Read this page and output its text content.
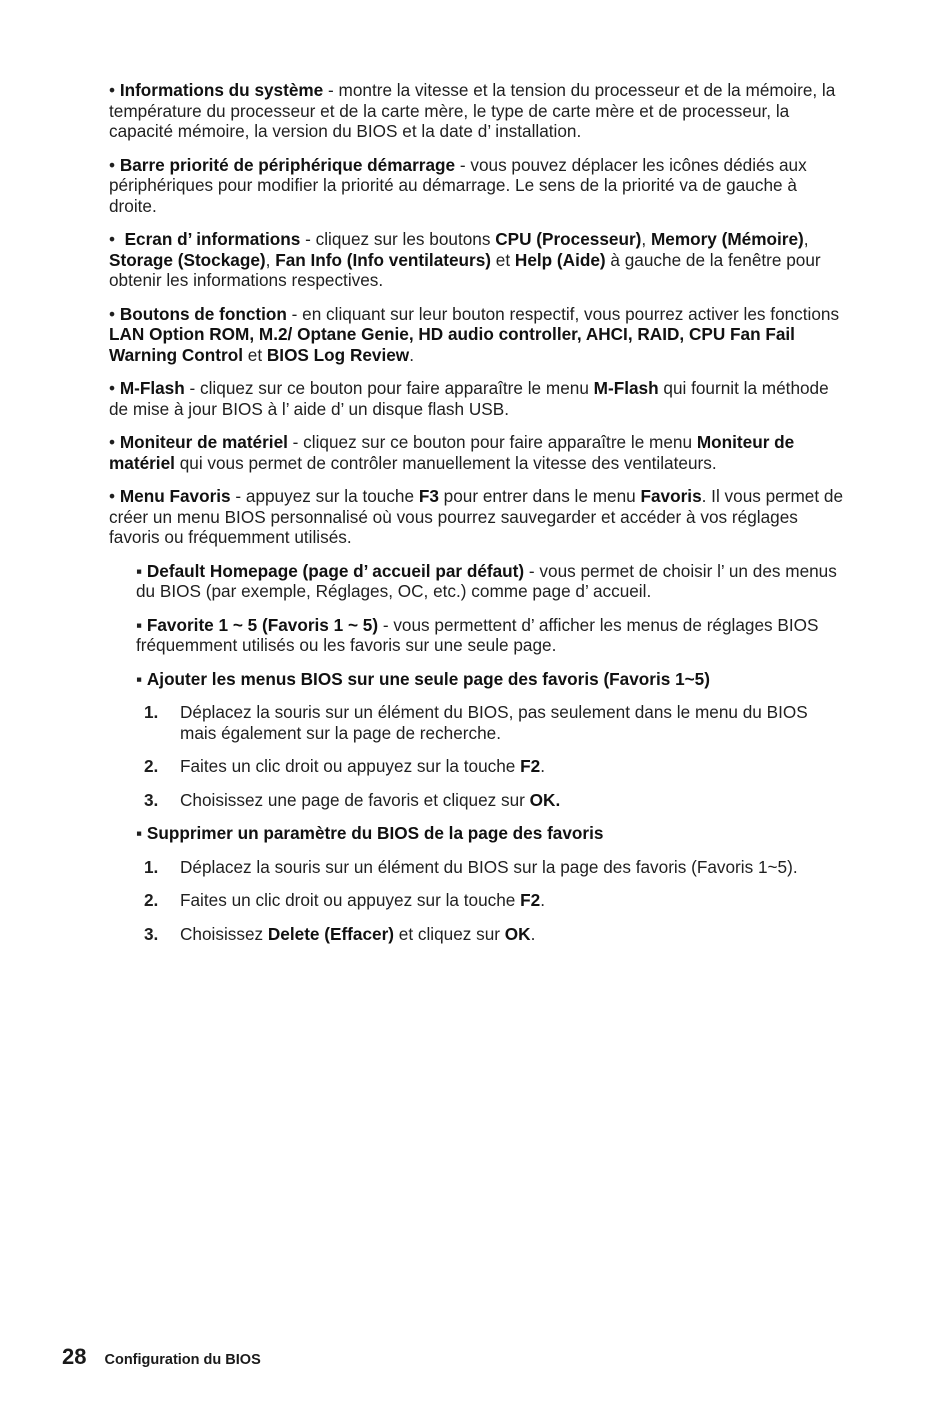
• Informations du système - montre la vitesse et la tension du processeur et de la mémoire, la température du processeur et de la carte mère, le type de carte mère et de processeur, la capacité mémoire, la version du BIOS et la date d’ installation.

• Barre priorité de périphérique démarrage - vous pouvez déplacer les icônes dédiés aux périphériques pour modifier la priorité au démarrage. Le sens de la priorité va de gauche à droite.

• Ecran d’ informations - cliquez sur les boutons CPU (Processeur), Memory (Mémoire), Storage (Stockage), Fan Info (Info ventilateurs) et Help (Aide) à gauche de la fenêtre pour obtenir les informations respectives.

• Boutons de fonction - en cliquant sur leur bouton respectif, vous pourrez activer les fonctions LAN Option ROM, M.2/ Optane Genie, HD audio controller, AHCI, RAID, CPU Fan Fail Warning Control et BIOS Log Review.

• M-Flash - cliquez sur ce bouton pour faire apparaître le menu M-Flash qui fournit la méthode de mise à jour BIOS à l’ aide d’ un disque flash USB.

• Moniteur de matériel - cliquez sur ce bouton pour faire apparaître le menu Moniteur de matériel qui vous permet de contrôler manuellement la vitesse des ventilateurs.

• Menu Favoris - appuyez sur la touche F3 pour entrer dans le menu Favoris. Il vous permet de créer un menu BIOS personnalisé où vous pourrez sauvegarder et accéder à vos réglages favoris ou fréquemment utilisés.

▪ Default Homepage (page d’ accueil par défaut) - vous permet de choisir l’ un des menus du BIOS (par exemple, Réglages, OC, etc.) comme page d’ accueil.

▪ Favorite 1 ~ 5 (Favoris 1 ~ 5) - vous permettent d’ afficher les menus de réglages BIOS fréquemment utilisés ou les favoris sur une seule page.

▪ Ajouter les menus BIOS sur une seule page des favoris (Favoris 1~5)

1. Déplacez la souris sur un élément du BIOS, pas seulement dans le menu du BIOS mais également sur la page de recherche.

2. Faites un clic droit ou appuyez sur la touche F2.

3. Choisissez une page de favoris et cliquez sur OK.

▪ Supprimer un paramètre du BIOS de la page des favoris

1. Déplacez la souris sur un élément du BIOS sur la page des favoris (Favoris 1~5).

2. Faites un clic droit ou appuyez sur la touche F2.

3. Choisissez Delete (Effacer) et cliquez sur OK.

28 Configuration du BIOS
